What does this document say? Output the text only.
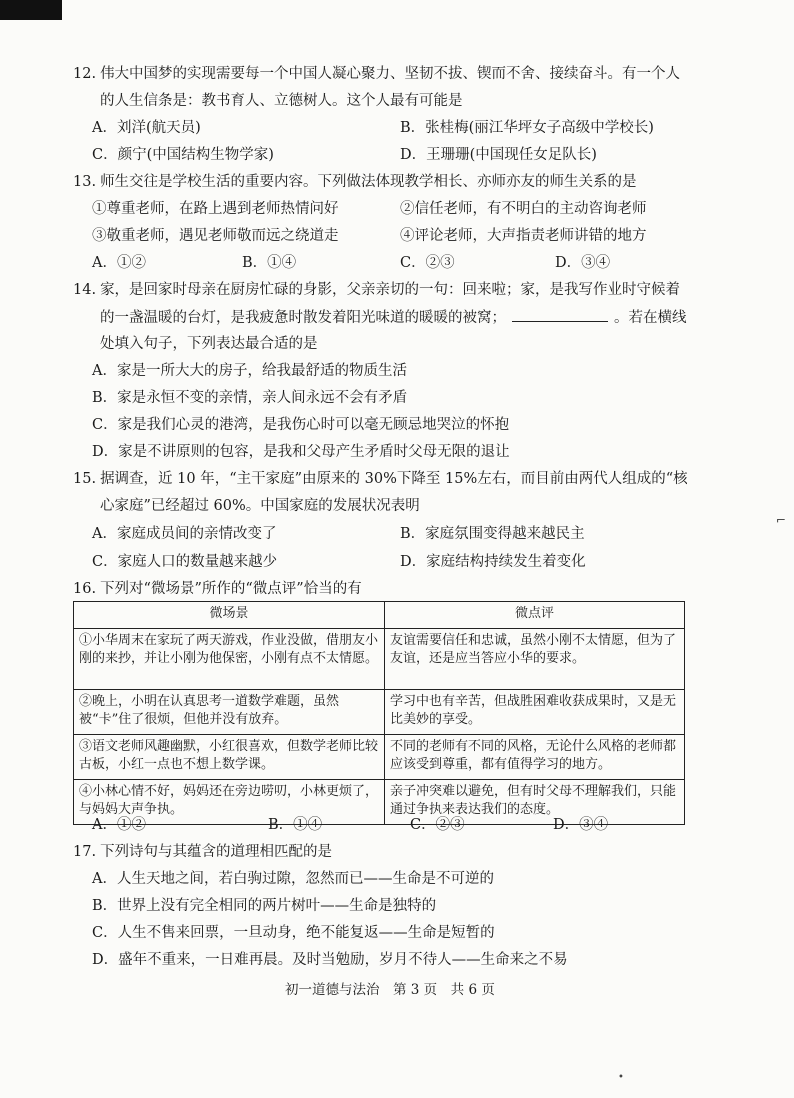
12. 伟大中国梦的实现需要每一个中国人凝心聚力、坚韧不拔、锲而不舍、接续奋斗。有一个人
的人生信条是：教书育人、立德树人。这个人最有可能是
A．刘洋(航天员)	B．张桂梅(丽江华坪女子高级中学校长)
C．颜宁(中国结构生物学家)	D．王珊珊(中国现任女足队长)
13. 师生交往是学校生活的重要内容。下列做法体现教学相长、亦师亦友的师生关系的是
①尊重老师，在路上遇到老师热情问好	②信任老师，有不明白的主动咨询老师
③敬重老师，遇见老师敬而远之绕道走	④评论老师，大声指责老师讲错的地方
A．①②	B．①④	C．②③	D．③④
14. 家，是回家时母亲在厨房忙碌的身影，父亲亲切的一句：回来啦；家，是我写作业时守候着
的一盏温暖的台灯，是我疲惫时散发着阳光味道的暖暖的被窝；	。若在横线
处填入句子，下列表达最合适的是
A．家是一所大大的房子，给我最舒适的物质生活
B．家是永恒不变的亲情，亲人间永远不会有矛盾
C．家是我们心灵的港湾，是我伤心时可以毫无顾忌地哭泣的怀抱
D．家是不讲原则的包容，是我和父母产生矛盾时父母无限的退让
15. 据调查，近 10 年，“主干家庭”由原来的 30%下降至 15%左右，而目前由两代人组成的“核
心家庭”已经超过 60%。中国家庭的发展状况表明
A．家庭成员间的亲情改变了	B．家庭氛围变得越来越民主
C．家庭人口的数量越来越少	D．家庭结构持续发生着变化
⌐
16. 下列对“微场景”所作的“微点评”恰当的有
微场景	微点评
①小华周末在家玩了两天游戏，作业没做，借朋友小刚的来抄，并让小刚为他保密，小刚有点不太情愿。	友谊需要信任和忠诚，虽然小刚不太情愿，但为了友谊，还是应当答应小华的要求。
②晚上，小明在认真思考一道数学难题，虽然被“卡”住了很烦，但他并没有放弃。	学习中也有辛苦，但战胜困难收获成果时，又是无比美妙的享受。
③语文老师风趣幽默，小红很喜欢，但数学老师比较古板，小红一点也不想上数学课。	不同的老师有不同的风格，无论什么风格的老师都应该受到尊重，都有值得学习的地方。
④小林心情不好，妈妈还在旁边唠叨，小林更烦了，与妈妈大声争执。	亲子冲突难以避免，但有时父母不理解我们，只能通过争执来表达我们的态度。
A．①②	B．①④	C．②③	D．③④
17. 下列诗句与其蕴含的道理相匹配的是
A．人生天地之间，若白驹过隙，忽然而已——生命是不可逆的
B．世界上没有完全相同的两片树叶——生命是独特的
C．人生不售来回票，一旦动身，绝不能复返——生命是短暂的
D．盛年不重来，一日难再晨。及时当勉励，岁月不待人——生命来之不易
初一道德与法治　第 3 页　共 6 页
•
